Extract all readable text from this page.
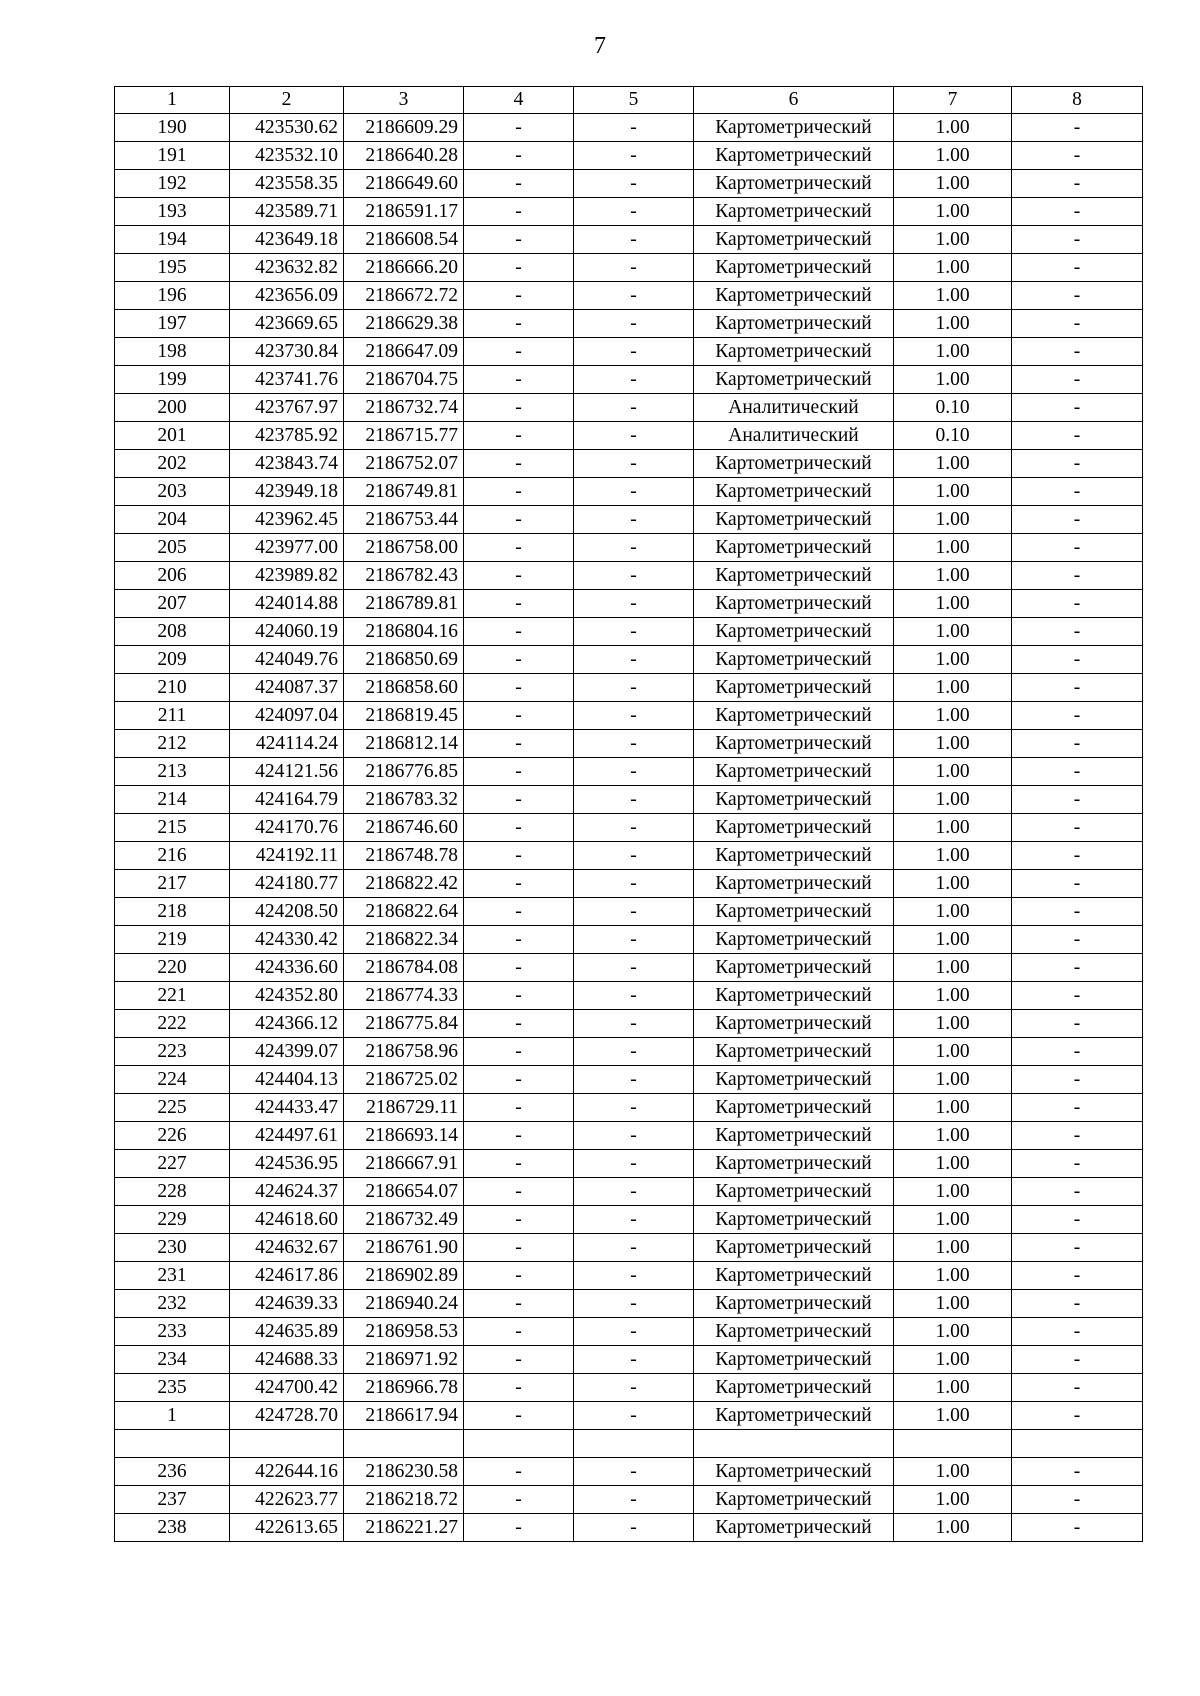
7
1	2	3	4	5	6	7	8
190	423530.62	2186609.29	-	-	Картометрический	1.00	-
191	423532.10	2186640.28	-	-	Картометрический	1.00	-
192	423558.35	2186649.60	-	-	Картометрический	1.00	-
193	423589.71	2186591.17	-	-	Картометрический	1.00	-
194	423649.18	2186608.54	-	-	Картометрический	1.00	-
195	423632.82	2186666.20	-	-	Картометрический	1.00	-
196	423656.09	2186672.72	-	-	Картометрический	1.00	-
197	423669.65	2186629.38	-	-	Картометрический	1.00	-
198	423730.84	2186647.09	-	-	Картометрический	1.00	-
199	423741.76	2186704.75	-	-	Картометрический	1.00	-
200	423767.97	2186732.74	-	-	Аналитический	0.10	-
201	423785.92	2186715.77	-	-	Аналитический	0.10	-
202	423843.74	2186752.07	-	-	Картометрический	1.00	-
203	423949.18	2186749.81	-	-	Картометрический	1.00	-
204	423962.45	2186753.44	-	-	Картометрический	1.00	-
205	423977.00	2186758.00	-	-	Картометрический	1.00	-
206	423989.82	2186782.43	-	-	Картометрический	1.00	-
207	424014.88	2186789.81	-	-	Картометрический	1.00	-
208	424060.19	2186804.16	-	-	Картометрический	1.00	-
209	424049.76	2186850.69	-	-	Картометрический	1.00	-
210	424087.37	2186858.60	-	-	Картометрический	1.00	-
211	424097.04	2186819.45	-	-	Картометрический	1.00	-
212	424114.24	2186812.14	-	-	Картометрический	1.00	-
213	424121.56	2186776.85	-	-	Картометрический	1.00	-
214	424164.79	2186783.32	-	-	Картометрический	1.00	-
215	424170.76	2186746.60	-	-	Картометрический	1.00	-
216	424192.11	2186748.78	-	-	Картометрический	1.00	-
217	424180.77	2186822.42	-	-	Картометрический	1.00	-
218	424208.50	2186822.64	-	-	Картометрический	1.00	-
219	424330.42	2186822.34	-	-	Картометрический	1.00	-
220	424336.60	2186784.08	-	-	Картометрический	1.00	-
221	424352.80	2186774.33	-	-	Картометрический	1.00	-
222	424366.12	2186775.84	-	-	Картометрический	1.00	-
223	424399.07	2186758.96	-	-	Картометрический	1.00	-
224	424404.13	2186725.02	-	-	Картометрический	1.00	-
225	424433.47	2186729.11	-	-	Картометрический	1.00	-
226	424497.61	2186693.14	-	-	Картометрический	1.00	-
227	424536.95	2186667.91	-	-	Картометрический	1.00	-
228	424624.37	2186654.07	-	-	Картометрический	1.00	-
229	424618.60	2186732.49	-	-	Картометрический	1.00	-
230	424632.67	2186761.90	-	-	Картометрический	1.00	-
231	424617.86	2186902.89	-	-	Картометрический	1.00	-
232	424639.33	2186940.24	-	-	Картометрический	1.00	-
233	424635.89	2186958.53	-	-	Картометрический	1.00	-
234	424688.33	2186971.92	-	-	Картометрический	1.00	-
235	424700.42	2186966.78	-	-	Картометрический	1.00	-
1	424728.70	2186617.94	-	-	Картометрический	1.00	-

236	422644.16	2186230.58	-	-	Картометрический	1.00	-
237	422623.77	2186218.72	-	-	Картометрический	1.00	-
238	422613.65	2186221.27	-	-	Картометрический	1.00	-
